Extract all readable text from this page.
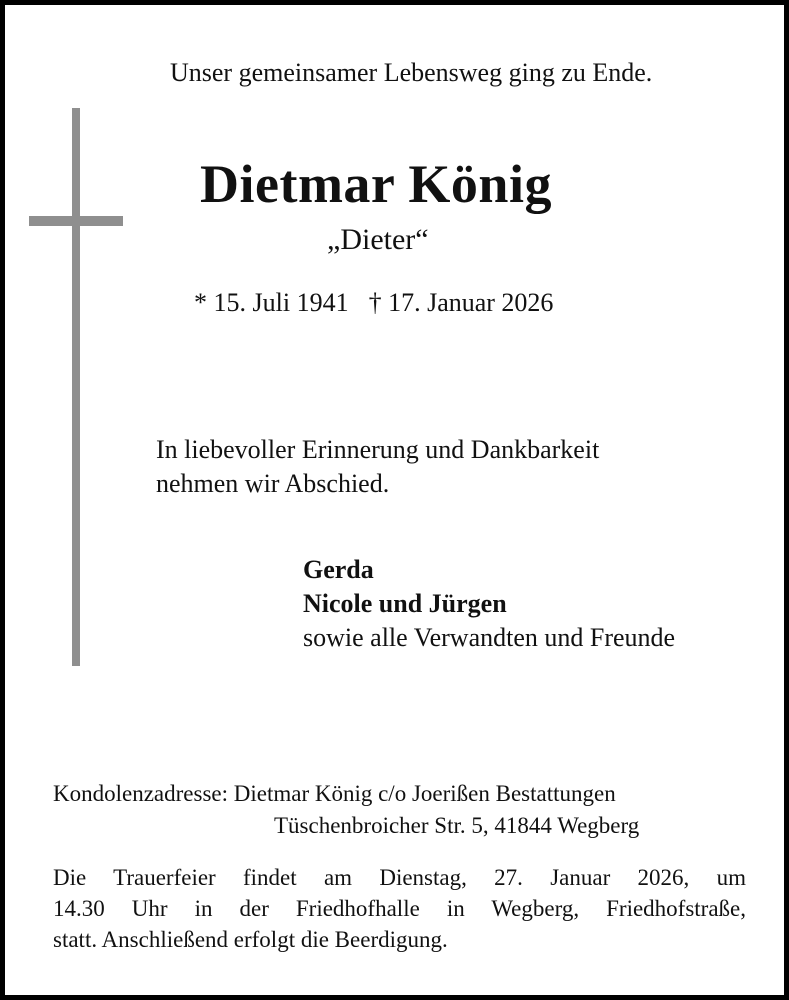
Unser gemeinsamer Lebensweg ging zu Ende.
Dietmar König
„Dieter“
* 15. Juli 1941 † 17. Januar 2026
In liebevoller Erinnerung und Dankbarkeit
nehmen wir Abschied.
Gerda
Nicole und Jürgen
sowie alle Verwandten und Freunde
Kondolenzadresse: Dietmar König c/o Joerißen Bestattungen
Tüschenbroicher Str. 5, 41844 Wegberg
Die Trauerfeier findet am Dienstag, 27. Januar 2026, um
14.30 Uhr in der Friedhofhalle in Wegberg, Friedhofstraße,
statt. Anschließend erfolgt die Beerdigung.
